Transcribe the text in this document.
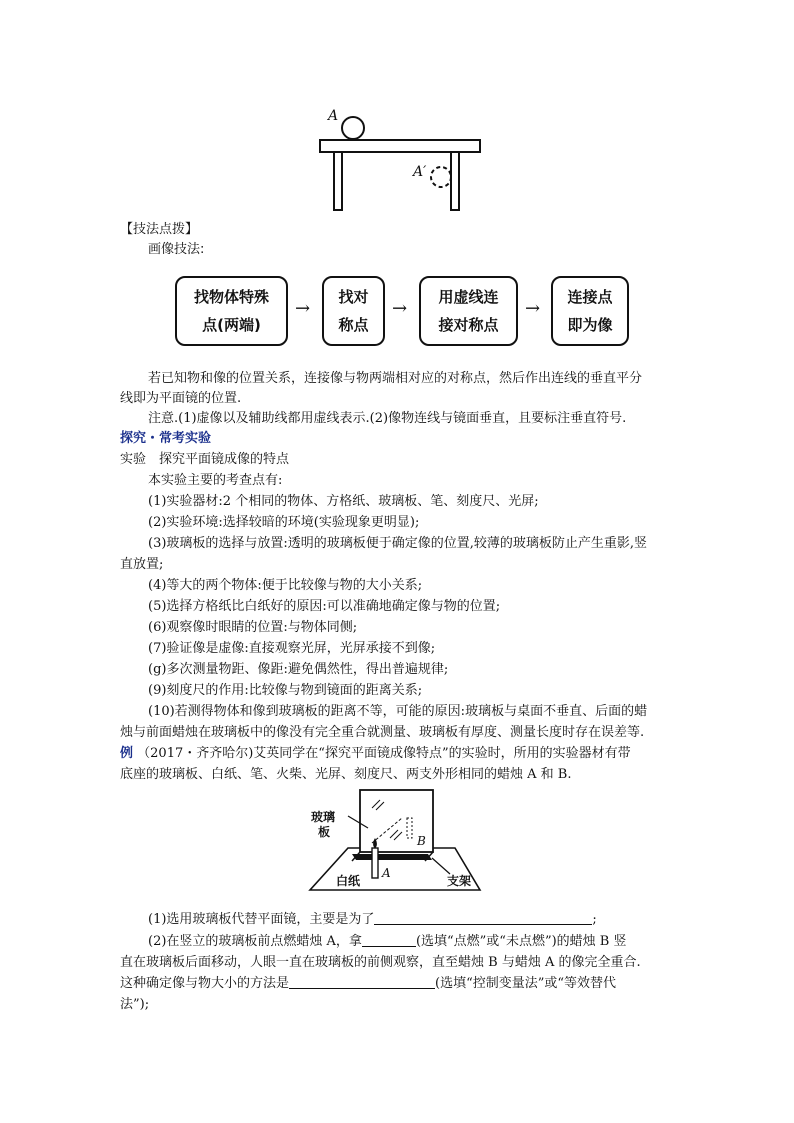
A
A′
【技法点拨】
画像技法:
找物体特殊
点(两端)
→
找对
称点
→
用虚线连
接对称点
→
连接点
即为像
若已知物和像的位置关系，连接像与物两端相对应的对称点，然后作出连线的垂直平分
线即为平面镜的位置.
注意.(1)虚像以及辅助线都用虚线表示.(2)像物连线与镜面垂直，且要标注垂直符号.
探究・常考实验
实验　探究平面镜成像的特点
本实验主要的考查点有:
(1)实验器材:2 个相同的物体、方格纸、玻璃板、笔、刻度尺、光屏;
(2)实验环境:选择较暗的环境(实验现象更明显);
(3)玻璃板的选择与放置:透明的玻璃板便于确定像的位置,较薄的玻璃板防止产生重影,竖
直放置;
(4)等大的两个物体:便于比较像与物的大小关系;
(5)选择方格纸比白纸好的原因:可以准确地确定像与物的位置;
(6)观察像时眼睛的位置:与物体同侧;
(7)验证像是虚像:直接观察光屏，光屏承接不到像;
(g)多次测量物距、像距:避免偶然性，得出普遍规律;
(9)刻度尺的作用:比较像与物到镜面的距离关系;
(10)若测得物体和像到玻璃板的距离不等，可能的原因:玻璃板与桌面不垂直、后面的蜡
烛与前面蜡烛在玻璃板中的像没有完全重合就测量、玻璃板有厚度、测量长度时存在误差等.
例 （2017・齐齐哈尔)艾英同学在“探究平面镜成像特点”的实验时，所用的实验器材有带
底座的玻璃板、白纸、笔、火柴、光屏、刻度尺、两支外形相同的蜡烛 A 和 B.
玻璃
板
白纸	支架
A
B
(1)选用玻璃板代替平面镜，主要是为了	;
(2)在竖立的玻璃板前点燃蜡烛 A，拿	(选填“点燃”或“未点燃”)的蜡烛 B 竖
直在玻璃板后面移动，人眼一直在玻璃板的前侧观察，直至蜡烛 B 与蜡烛 A 的像完全重合.
这种确定像与物大小的方法是	(选填“控制变量法”或“等效替代
法”);
